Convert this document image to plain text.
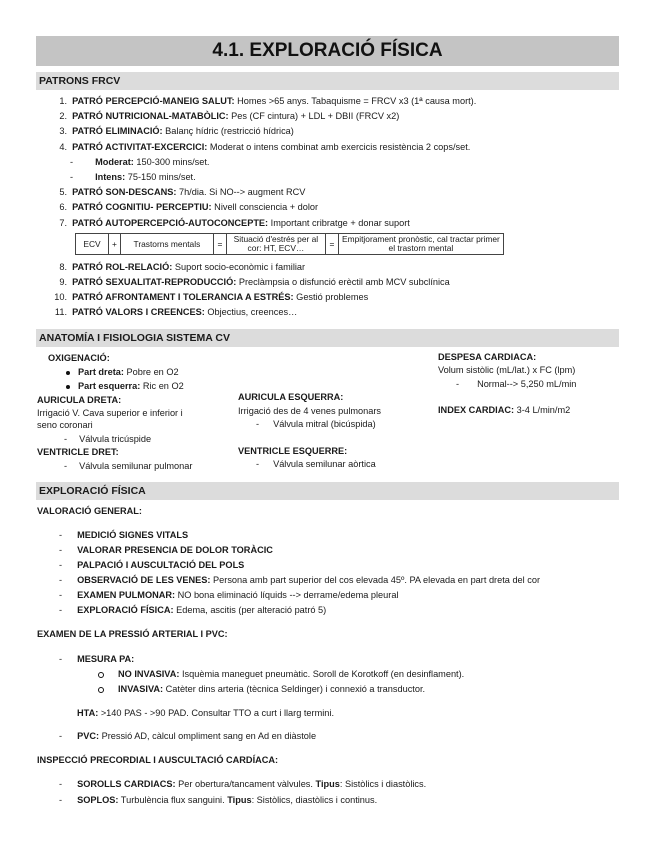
4.1. EXPLORACIÓ FÍSICA
PATRONS FRCV
1. PATRÓ PERCEPCIÓ-MANEIG SALUT: Homes >65 anys. Tabaquisme = FRCV x3 (1ª causa mort).
2. PATRÓ NUTRICIONAL-MATABÒLIC: Pes (CF cintura) + LDL + DBII (FRCV x2)
3. PATRÓ ELIMINACIÓ: Balanç hídric (restricció hídrica)
4. PATRÓ ACTIVITAT-EXCERCICI: Moderat o intens combinat amb exercicis resistència 2 cops/set.
- Moderat: 150-300 mins/set.
- Intens: 75-150 mins/set.
5. PATRÓ SON-DESCANS: 7h/dia. Si NO--> augment RCV
6. PATRÓ COGNITIU- PERCEPTIU: Nivell consciencia + dolor
7. PATRÓ AUTOPERCEPCIÓ-AUTOCONCEPTE: Important cribratge + donar suport
ECV	+	Trastorns mentals	=	Situació d'estrés per al cor: HT, ECV…	=	Empitjorament pronòstic, cal tractar primer el trastorn mental
8. PATRÓ ROL-RELACIÓ: Suport socio-econòmic i familiar
9. PATRÓ SEXUALITAT-REPRODUCCIÓ: Preclàmpsia o disfunció erèctil amb MCV subclínica
10. PATRÓ AFRONTAMENT I TOLERANCIA A ESTRÉS: Gestió problemes
11. PATRÓ VALORS I CREENCES: Objectius, creences…
ANATOMÍA I FISIOLOGIA SISTEMA CV
OXIGENACIÓ:
Part dreta: Pobre en O2
Part esquerra: Ric en O2
AURICULA DRETA:
Irrigació V. Cava superior e inferior i
seno coronari
- Válvula tricúspide
VENTRICLE DRET:
- Válvula semilunar pulmonar
AURICULA ESQUERRA:
Irrigació des de 4 venes pulmonars
- Válvula mitral (bicúspida)
VENTRICLE ESQUERRE:
- Válvula semilunar aòrtica
DESPESA CARDIACA:
Volum sistòlic (mL/lat.) x FC (lpm)
- Normal--> 5,250 mL/min
INDEX CARDIAC: 3-4 L/min/m2
EXPLORACIÓ FÍSICA
VALORACIÓ GENERAL:
- MEDICIÓ SIGNES VITALS
- VALORAR PRESENCIA DE DOLOR TORÀCIC
- PALPACIÓ I AUSCULTACIÓ DEL POLS
- OBSERVACIÓ DE LES VENES: Persona amb part superior del cos elevada 45º. PA elevada en part dreta del cor
- EXAMEN PULMONAR: NO bona eliminació líquids --> derrame/edema pleural
- EXPLORACIÓ FÍSICA: Edema, ascitis (per alteració patró 5)
EXAMEN DE LA PRESSIÓ ARTERIAL I PVC:
- MESURA PA:
NO INVASIVA: Isquèmia maneguet pneumàtic. Soroll de Korotkoff (en desinflament).
INVASIVA: Catèter dins arteria (tècnica Seldinger) i connexió a transductor.
HTA: >140 PAS - >90 PAD. Consultar TTO a curt i llarg termini.
- PVC: Pressió AD, càlcul ompliment sang en Ad en diàstole
INSPECCIÓ PRECORDIAL I AUSCULTACIÓ CARDÍACA:
- SOROLLS CARDIACS: Per obertura/tancament vàlvules. Tipus: Sistòlics i diastòlics.
- SOPLOS: Turbulència flux sanguini. Tipus: Sistòlics, diastòlics i continus.
